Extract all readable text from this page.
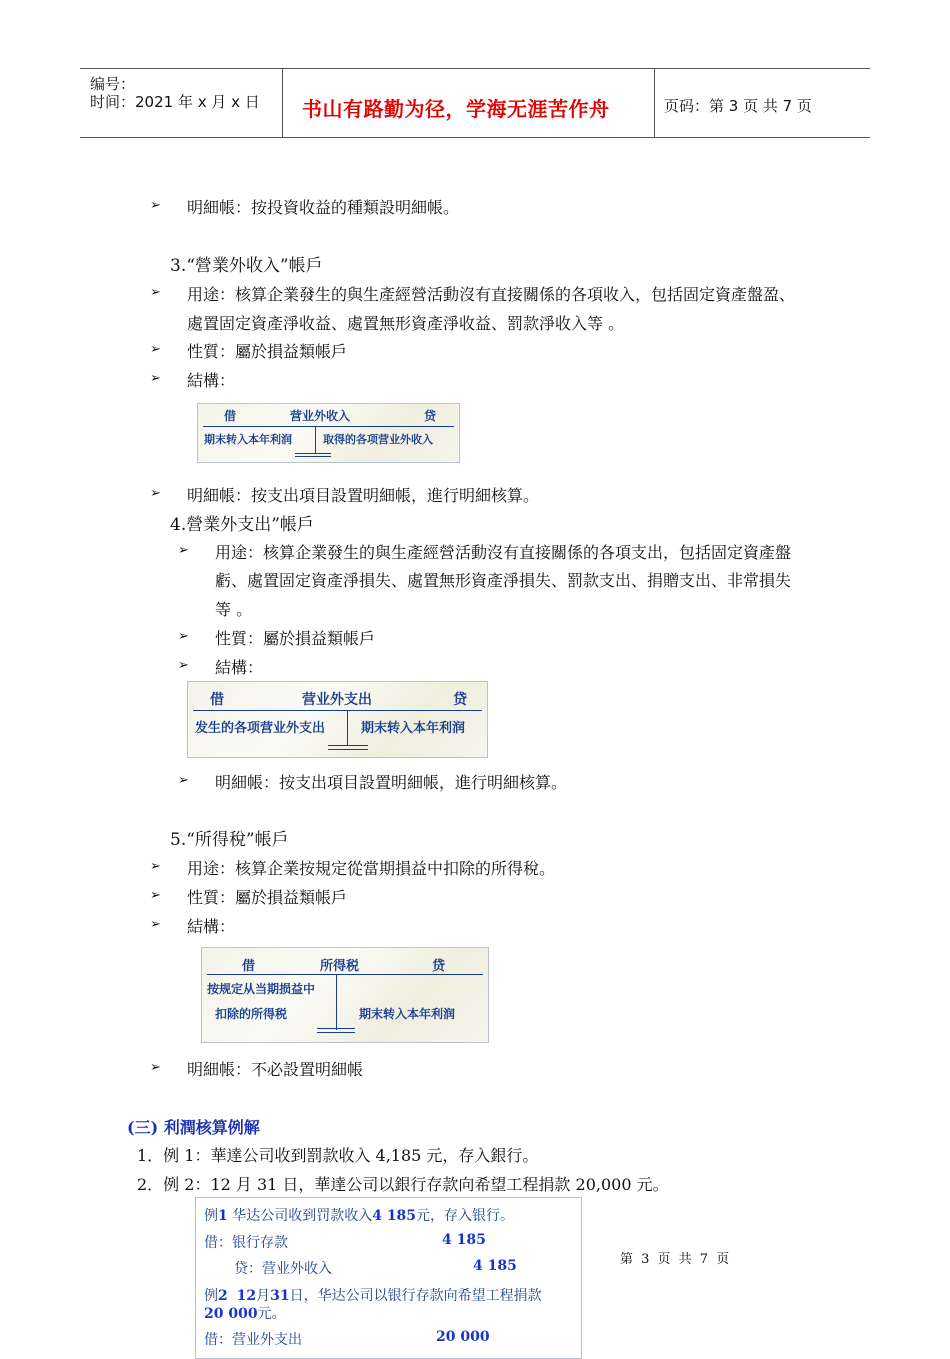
编号：
时间：2021 年 x 月 x 日 书山有路勤为径，学海无涯苦作舟	页码：第 3 页 共 7 页
➢ 明細帳：按投資收益的種類設明細帳。
3.“營業外收入”帳戶
➢ 用途：核算企業發生的與生產經營活動沒有直接關係的各項收入，包括固定資產盤盈、
處置固定資產淨收益、處置無形資產淨收益、罰款淨收入等 。
➢ 性質：屬於損益類帳戶
➢ 結構：
借	营业外收入	贷
期末转入本年利润	取得的各项营业外收入
➢ 明細帳：按支出項目設置明細帳，進行明細核算。
4.營業外支出”帳戶
➢ 用途：核算企業發生的與生產經營活動沒有直接關係的各項支出，包括固定資產盤
虧、處置固定資產淨損失、處置無形資產淨損失、罰款支出、捐贈支出、非常損失
等 。
➢ 性質：屬於損益類帳戶
➢ 結構：
借	营业外支出	贷
发生的各项营业外支出	期末转入本年利润
➢ 明細帳：按支出項目設置明細帳，進行明細核算。
5.“所得稅”帳戶
➢ 用途：核算企業按規定從當期損益中扣除的所得稅。
➢ 性質：屬於損益類帳戶
➢ 結構：
借	所得税	贷
按规定从当期损益中
扣除的所得税	期末转入本年利润
➢ 明細帳：不必設置明細帳
(三) 利潤核算例解
1．例 1：華達公司收到罰款收入 4,185 元，存入銀行。
2．例 2：12 月 31 日，華達公司以銀行存款向希望工程捐款 20,000 元。
例1 华达公司收到罚款收入4 185元，存入银行。
借：银行存款	4 185
贷：营业外收入	4 185
例2 12月31日，华达公司以银行存款向希望工程捐款
20 000元。
借：营业外支出	20 000
第 3 页 共 7 页
